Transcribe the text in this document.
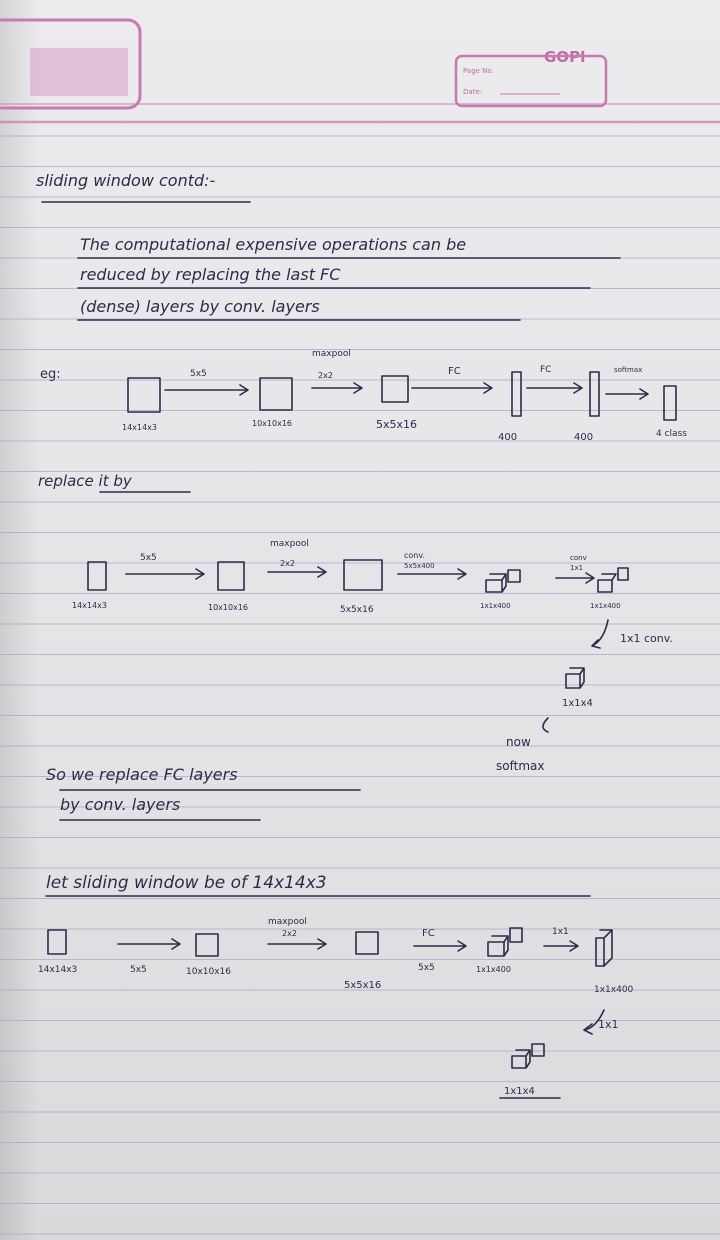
GOPI
Page No.
Date:
sliding window contd:-
The computational expensive operations can be
reduced by replacing the last FC
(dense) layers by conv. layers
eg:
14x14x3
5x5
10x10x16
maxpool
2x2
5x5x16
FC
400
FC
400
softmax
4 class
replace it by
14x14x3
5x5
10x10x16
maxpool
2x2
5x5x16
conv.
5x5x400
1x1x400
conv
1x1
1x1x400
1x1 conv.
1x1x4
now
softmax
So we replace FC layers
by conv. layers
let sliding window be of 14x14x3
14x14x3	5x5	10x10x16
maxpool
2x2
5x5x16
FC
5x5	1x1x400
1x1
1x1x400
1x1
1x1x4
